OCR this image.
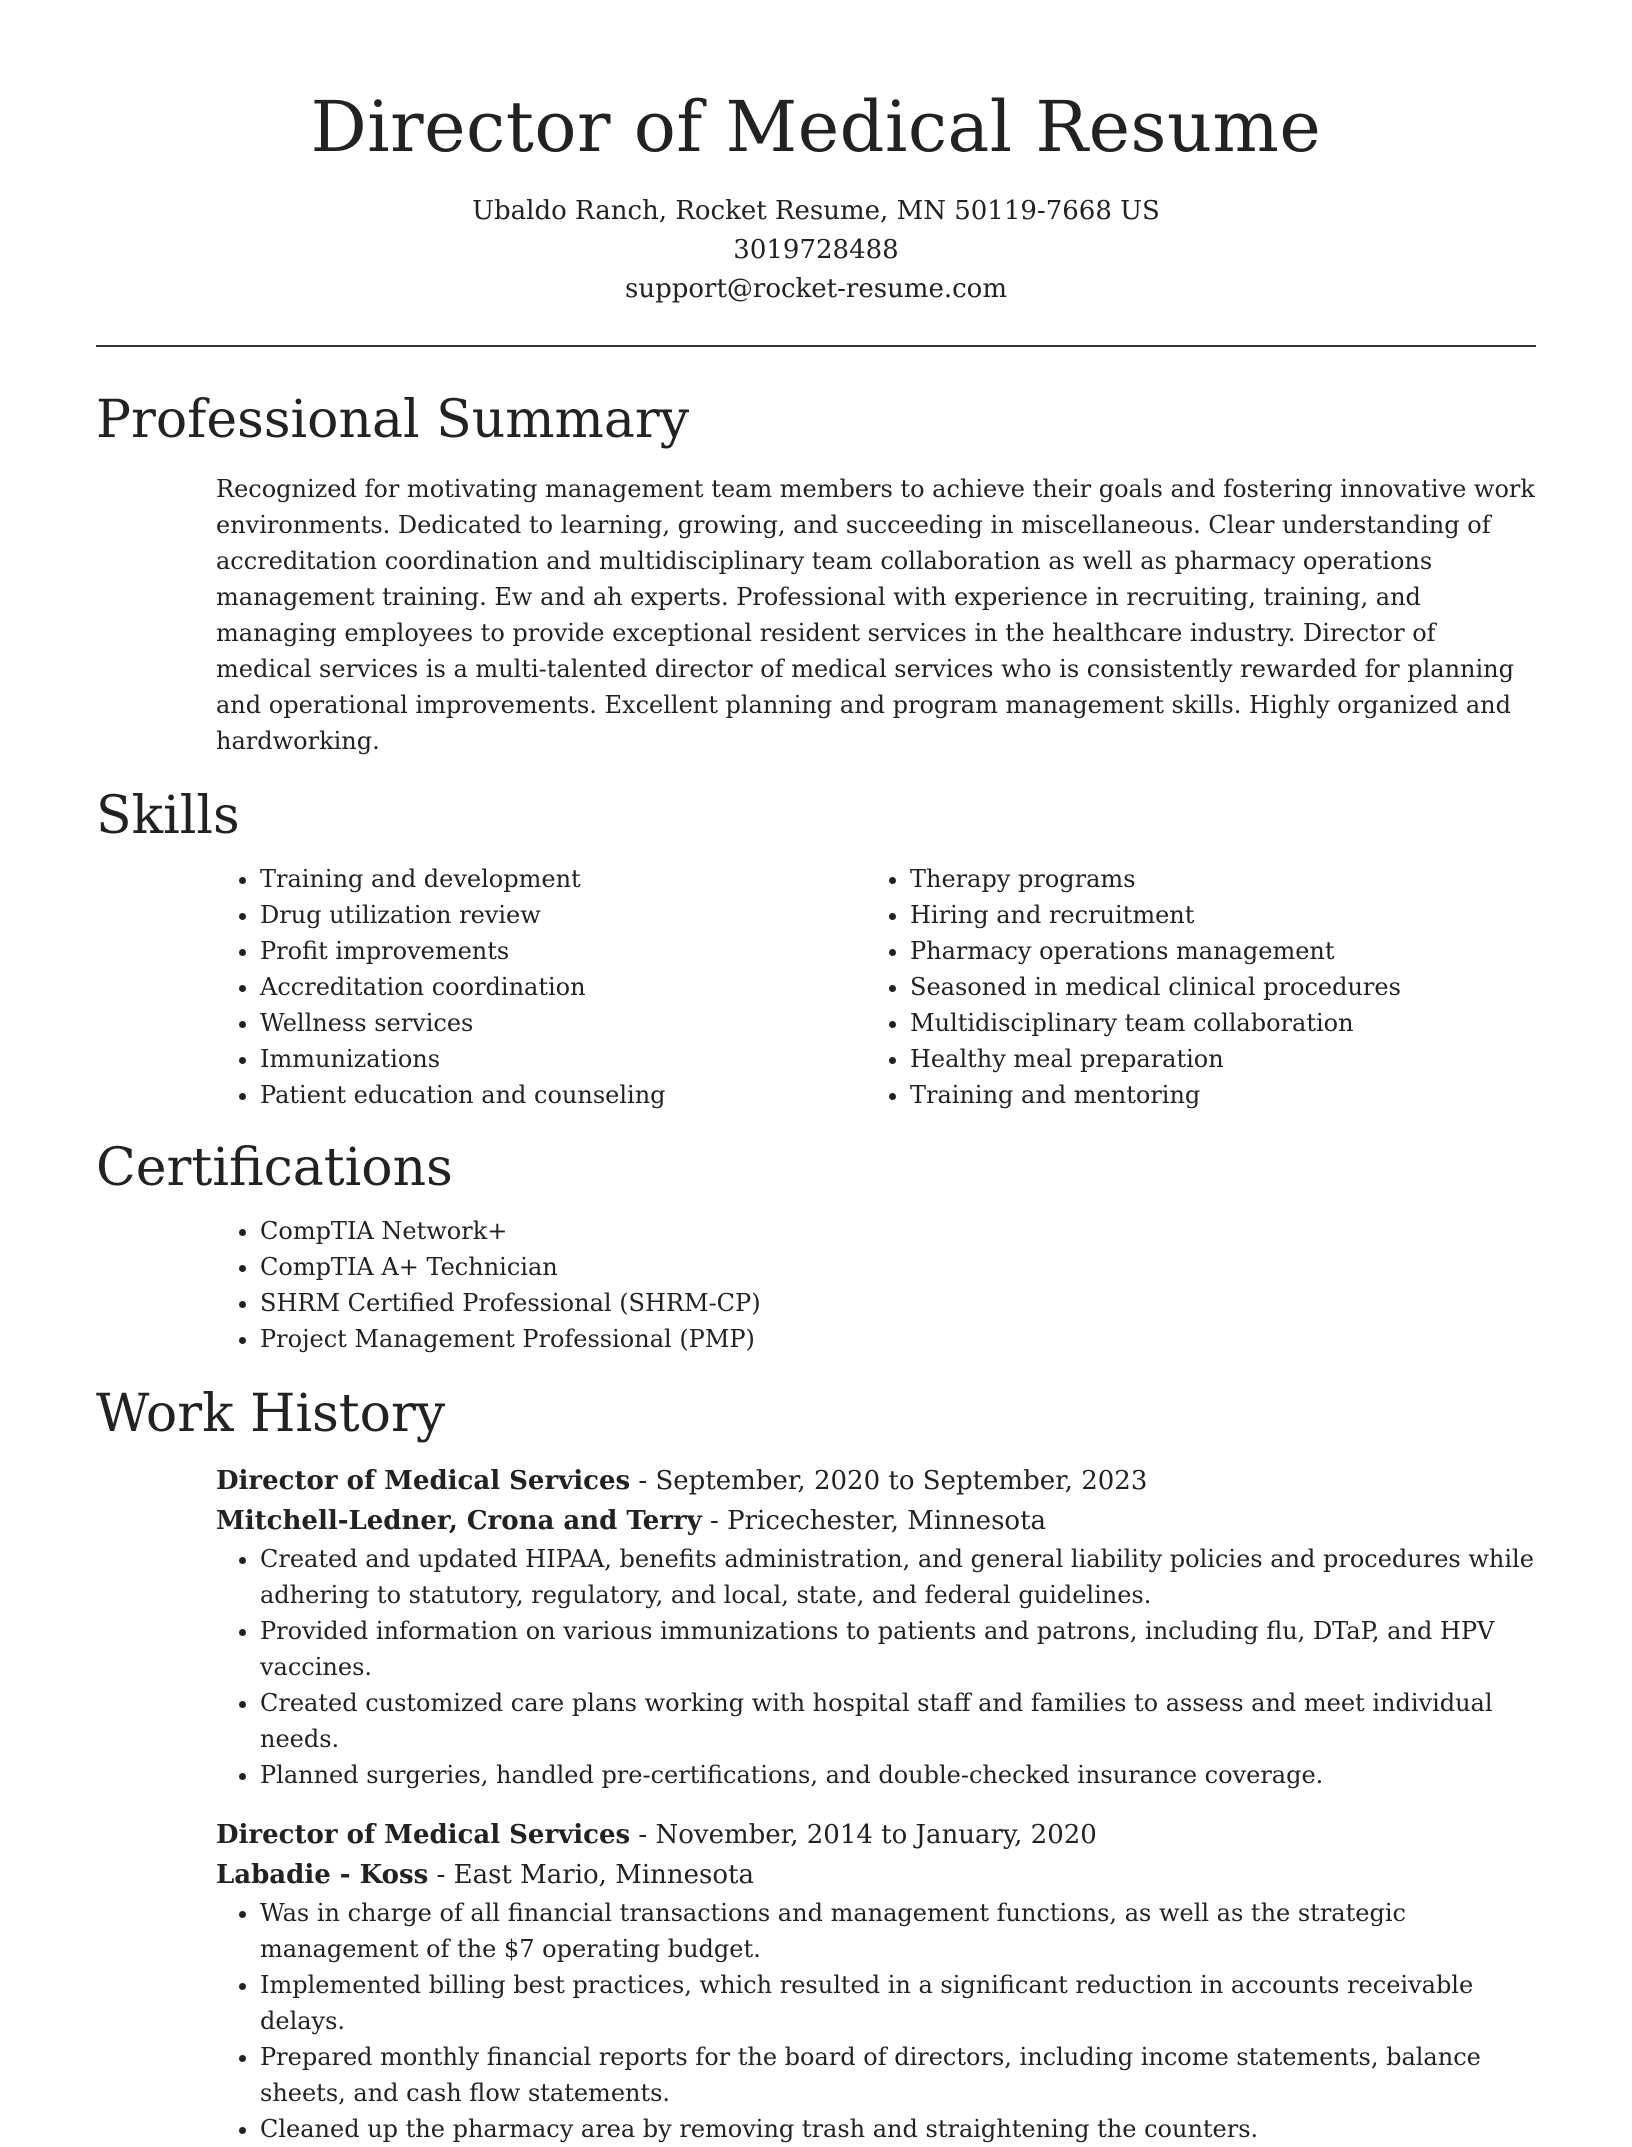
Director of Medical Resume
Ubaldo Ranch, Rocket Resume, MN 50119-7668 US
3019728488
support@rocket-resume.com
Professional Summary

Recognized for motivating management team members to achieve their goals and fostering innovative work environments. Dedicated to learning, growing, and succeeding in miscellaneous. Clear understanding of accreditation coordination and multidisciplinary team collaboration as well as pharmacy operations management training. Ew and ah experts. Professional with experience in recruiting, training, and managing employees to provide exceptional resident services in the healthcare industry. Director of medical services is a multi-talented director of medical services who is consistently rewarded for planning and operational improvements. Excellent planning and program management skills. Highly organized and hardworking.

Skills
• Training and development
• Drug utilization review
• Profit improvements
• Accreditation coordination
• Wellness services
• Immunizations
• Patient education and counseling
• Therapy programs
• Hiring and recruitment
• Pharmacy operations management
• Seasoned in medical clinical procedures
• Multidisciplinary team collaboration
• Healthy meal preparation
• Training and mentoring
Certifications
• CompTIA Network+
• CompTIA A+ Technician
• SHRM Certified Professional (SHRM-CP)
• Project Management Professional (PMP)
Work History
Director of Medical Services - September, 2020 to September, 2023
Mitchell-Ledner, Crona and Terry - Pricechester, Minnesota
• Created and updated HIPAA, benefits administration, and general liability policies and procedures while adhering to statutory, regulatory, and local, state, and federal guidelines.
• Provided information on various immunizations to patients and patrons, including flu, DTaP, and HPV vaccines.
• Created customized care plans working with hospital staff and families to assess and meet individual needs.
• Planned surgeries, handled pre-certifications, and double-checked insurance coverage.
Director of Medical Services - November, 2014 to January, 2020
Labadie - Koss - East Mario, Minnesota
• Was in charge of all financial transactions and management functions, as well as the strategic management of the $7 operating budget.
• Implemented billing best practices, which resulted in a significant reduction in accounts receivable delays.
• Prepared monthly financial reports for the board of directors, including income statements, balance sheets, and cash flow statements.
• Cleaned up the pharmacy area by removing trash and straightening the counters.
